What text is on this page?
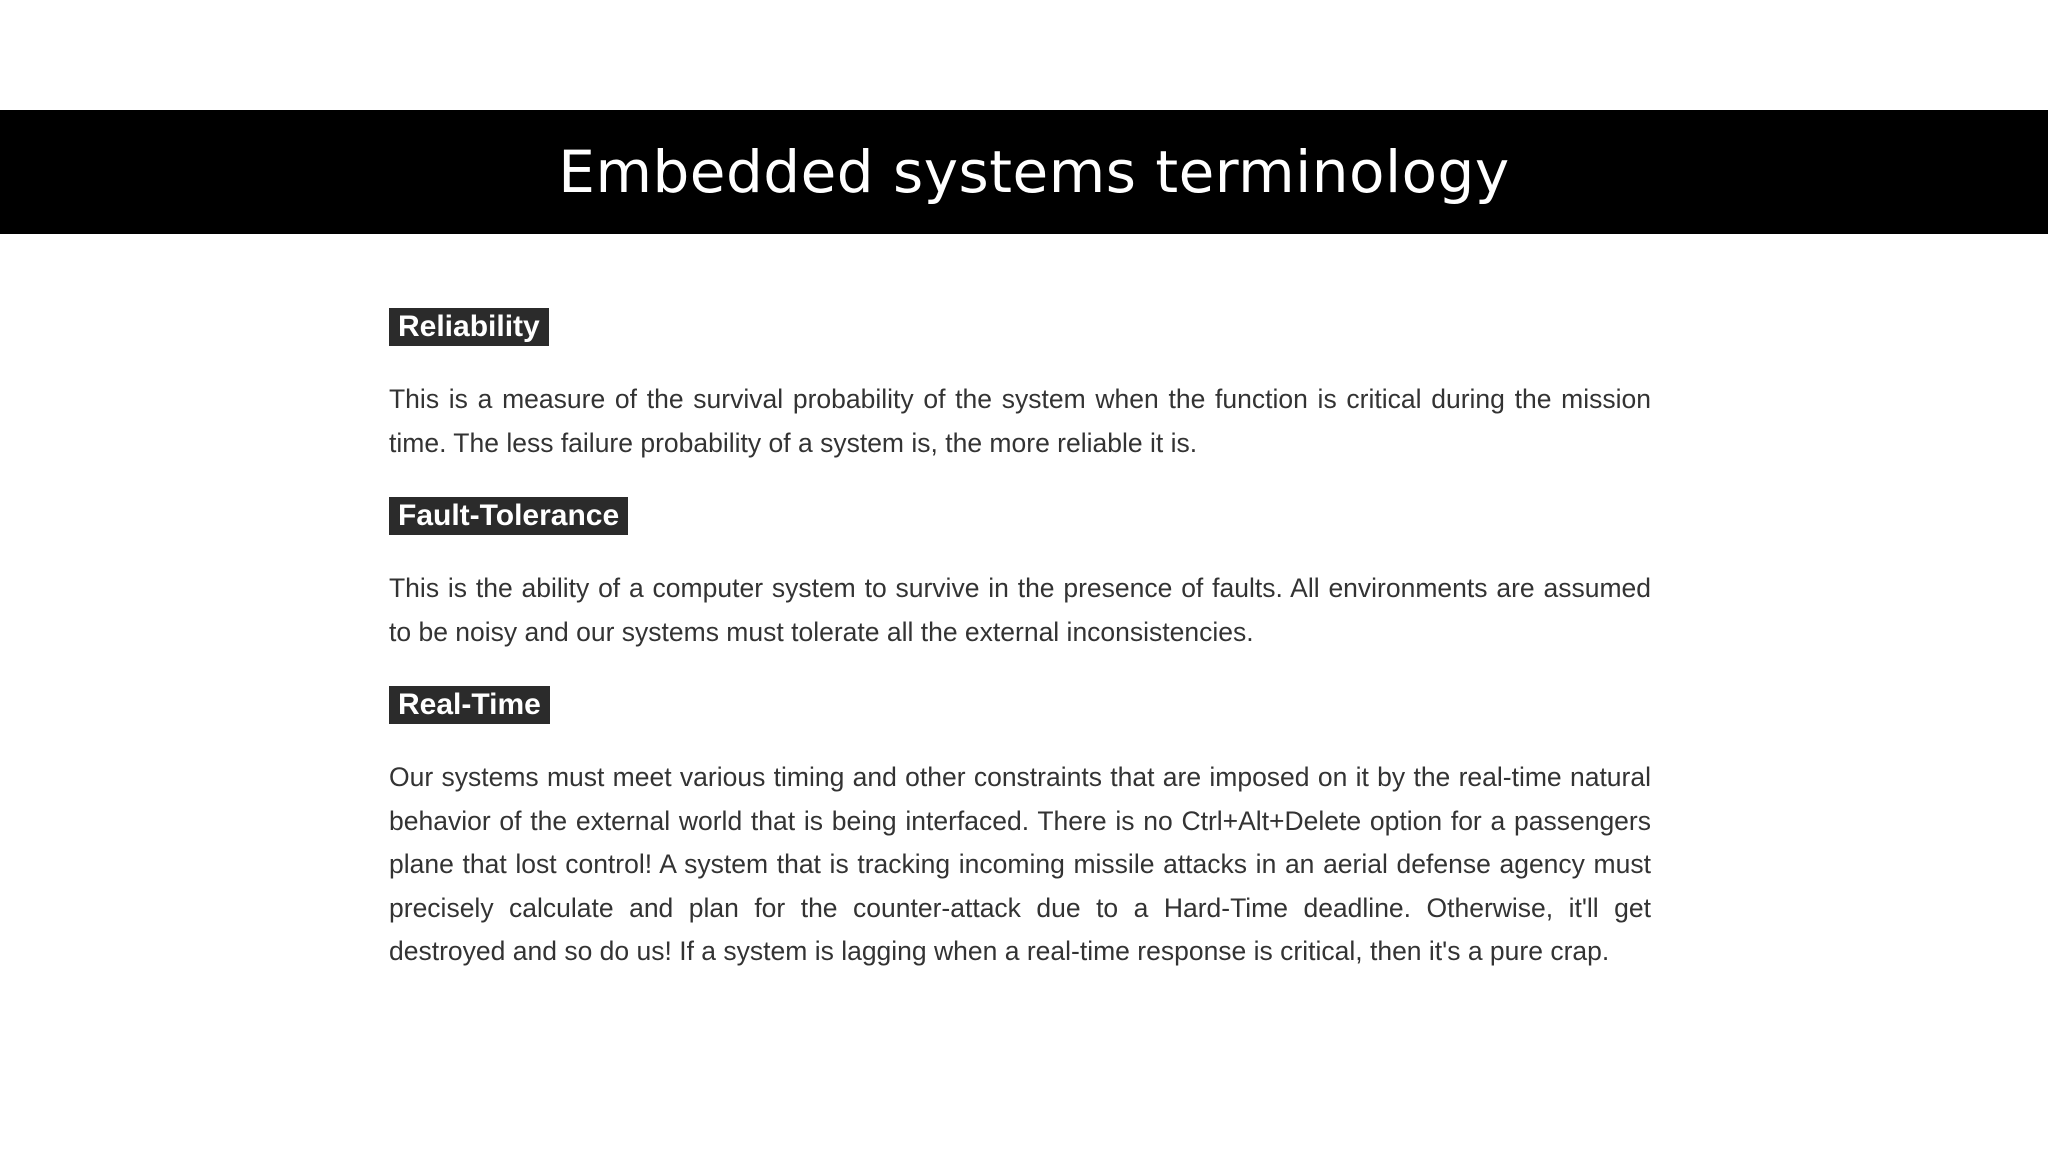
Embedded systems terminology
Reliability

This is a measure of the survival probability of the system when the function is critical during the mission time. The less failure probability of a system is, the more reliable it is.

Fault-Tolerance

This is the ability of a computer system to survive in the presence of faults. All environments are assumed to be noisy and our systems must tolerate all the external inconsistencies.

Real-Time

Our systems must meet various timing and other constraints that are imposed on it by the real-time natural behavior of the external world that is being interfaced. There is no Ctrl+Alt+Delete option for a passengers plane that lost control! A system that is tracking incoming missile attacks in an aerial defense agency must precisely calculate and plan for the counter-attack due to a Hard-Time deadline. Otherwise, it'll get destroyed and so do us! If a system is lagging when a real-time response is critical, then it's a pure crap.
